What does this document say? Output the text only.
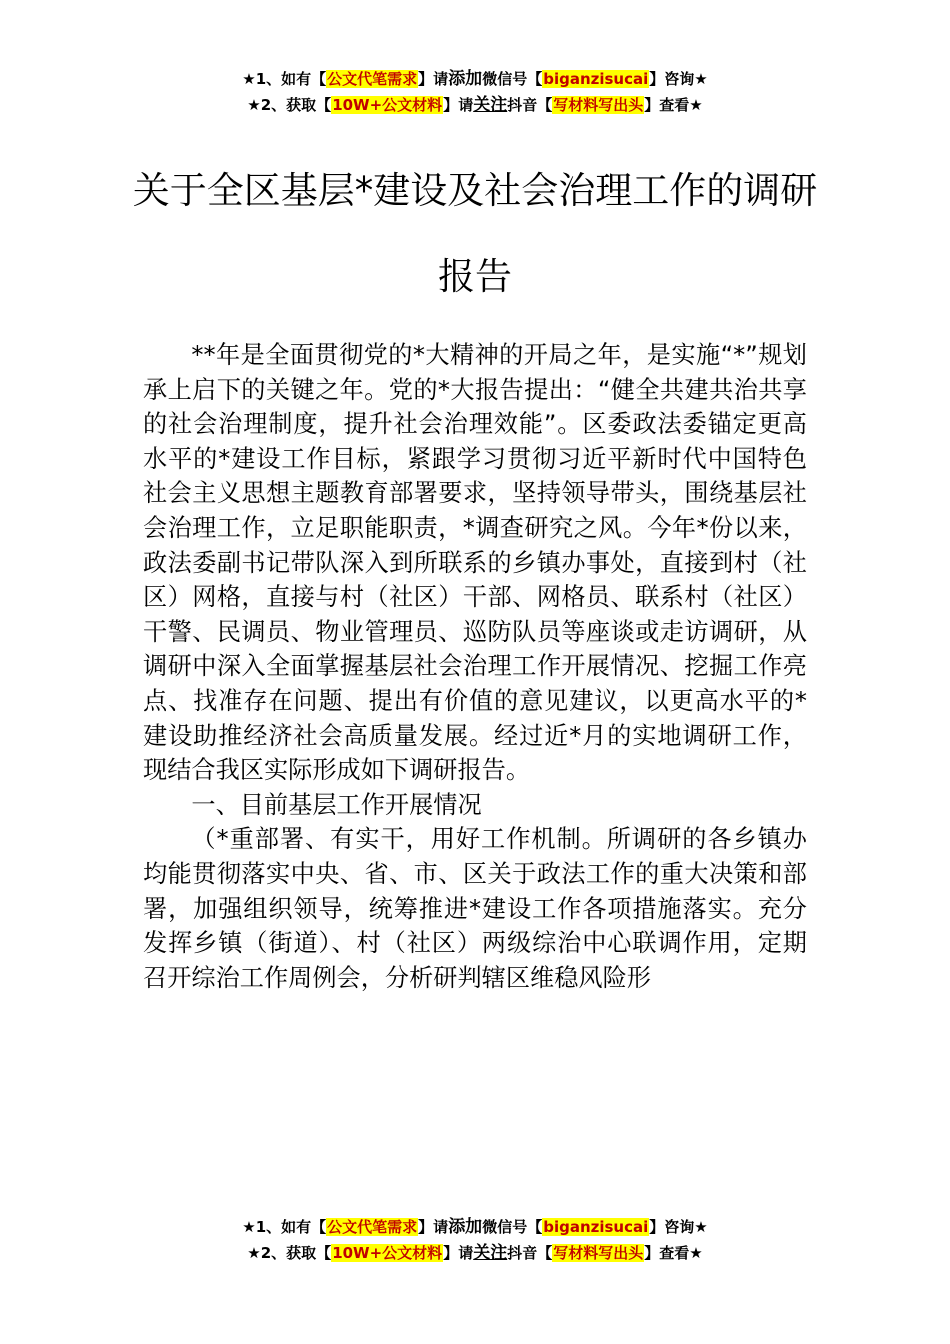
★1、如有【公文代笔需求】请添加微信号【biganzisucai】咨询★
★2、获取【10W+公文材料】请关注抖音【写材料写出头】查看★
关于全区基层*建设及社会治理工作的调研
报告

**年是全面贯彻党的*大精神的开局之年，是实施“*”规划承上启下的关键之年。党的*大报告提出：“健全共建共治共享的社会治理制度，提升社会治理效能”。区委政法委锚定更高水平的*建设工作目标，紧跟学习贯彻习近平新时代中国特色社会主义思想主题教育部署要求，坚持领导带头，围绕基层社会治理工作，立足职能职责，*调查研究之风。今年*份以来，政法委副书记带队深入到所联系的乡镇办事处，直接到村（社区）网格，直接与村（社区）干部、网格员、联系村（社区）干警、民调员、物业管理员、巡防队员等座谈或走访调研，从调研中深入全面掌握基层社会治理工作开展情况、挖掘工作亮点、找准存在问题、提出有价值的意见建议，以更高水平的*建设助推经济社会高质量发展。经过近*月的实地调研工作，现结合我区实际形成如下调研报告。

一、目前基层工作开展情况

（*重部署、有实干，用好工作机制。所调研的各乡镇办均能贯彻落实中央、省、市、区关于政法工作的重大决策和部署，加强组织领导，统筹推进*建设工作各项措施落实。充分发挥乡镇（街道）、村（社区）两级综治中心联调作用，定期召开综治工作周例会，分析研判辖区维稳风险形

★1、如有【公文代笔需求】请添加微信号【biganzisucai】咨询★
★2、获取【10W+公文材料】请关注抖音【写材料写出头】查看★
